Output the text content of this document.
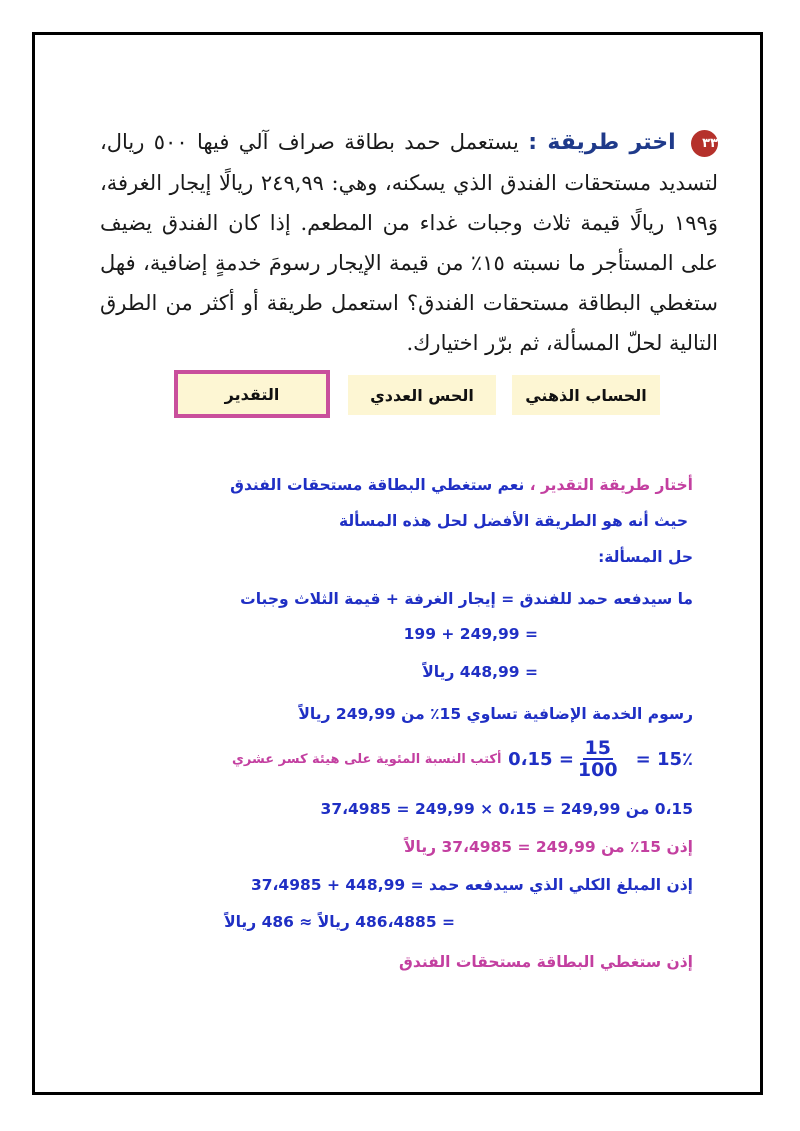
٣٣ اختر طريقة : يستعمل حمد بطاقة صراف آلي فيها ٥٠٠ ريال، لتسديد مستحقات الفندق الذي يسكنه، وهي: ٢٤٩,٩٩ ريالًا إيجار الغرفة، وَ١٩٩ ريالًا قيمة ثلاث وجبات غداء من المطعم. إذا كان الفندق يضيف على المستأجر ما نسبته ١٥٪ من قيمة الإيجار رسومَ خدمةٍ إضافية، فهل ستغطي البطاقة مستحقات الفندق؟ استعمل طريقة أو أكثر من الطرق التالية لحلّ المسألة، ثم برّر اختيارك.
الحساب الذهني
الحس العددي
التقدير
أختار طريقة التقدير ، نعم ستغطي البطاقة مستحقات الفندق
حيث أنه هو الطريقة الأفضل لحل هذه المسألة
حل المسألة:
ما سيدفعه حمد للفندق = إيجار الغرفة + قيمة الثلاث وجبات
= 249,99 + 199
= 448,99 ريالاً
رسوم الخدمة الإضافية تساوي 15٪ من 249,99 ريالاً
أكتب النسبة المئوية على هيئة كسر عشري = 0،15 $\frac{15}{100}$ 15٪ =
0،15 من 249,99 = 0،15 × 249,99 = 37،4985
إذن 15٪ من 249,99 = 37،4985 ريالاً
إذن المبلغ الكلي الذي سيدفعه حمد = 448,99 + 37،4985
= 486،4885 ريالاً ≈ 486 ريالاً
إذن ستغطي البطاقة مستحقات الفندق
